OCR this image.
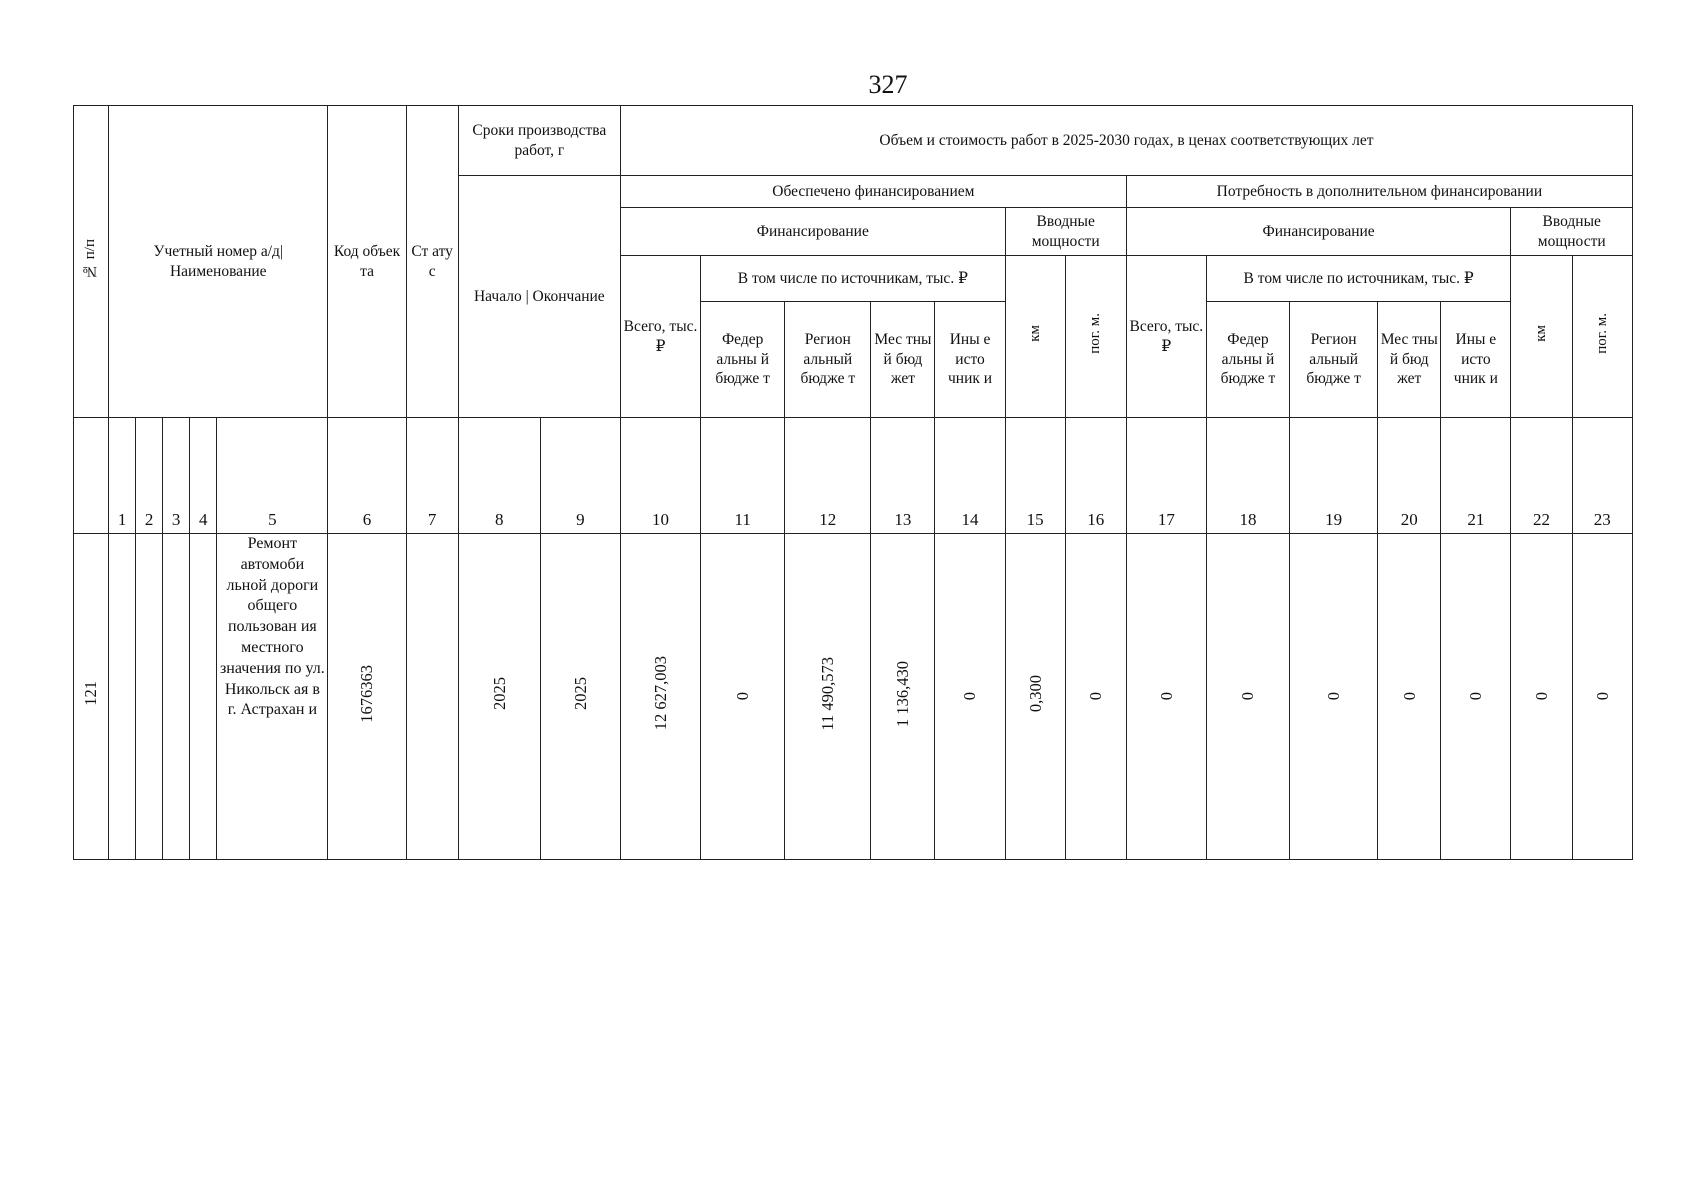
327
№ п/п	Учетный номер а/д| Наименование					Код объек та	Ст ату с	Сроки производства работ, г		Объем и стоимость работ в 2025-2030 годах, в ценах соответствующих лет													

								Начало | Окончание		Обеспечено финансированием							Потребность в дополнительном финансировании						

										Финансирование					Вводные мощности		Финансирование					Вводные мощности	

										Всего, тыс. ₽	В том числе по источникам, тыс. ₽				км	пог. м.	Всего, тыс. ₽	В том числе по источникам, тыс. ₽				км	пог. м.

											Федер альны й бюдже т	Регион альный бюдже т	Мес тны й бюд жет	Ины е исто чник и				Федер альны й бюдже т	Регион альный бюдже т	Мес тны й бюд жет	Ины е исто чник и		

	1	2	3	4	5	6	7	8	9	10	11	12	13	14	15	16	17	18	19	20	21	22	23
121					Ремонт автомоби льной дороги общего пользован ия местного значения по ул. Никольск ая в г. Астрахан и	1676363		2025	2025	12 627,003	0	11 490,573	1 136,430	0	0,300	0	0	0	0	0	0	0	0
